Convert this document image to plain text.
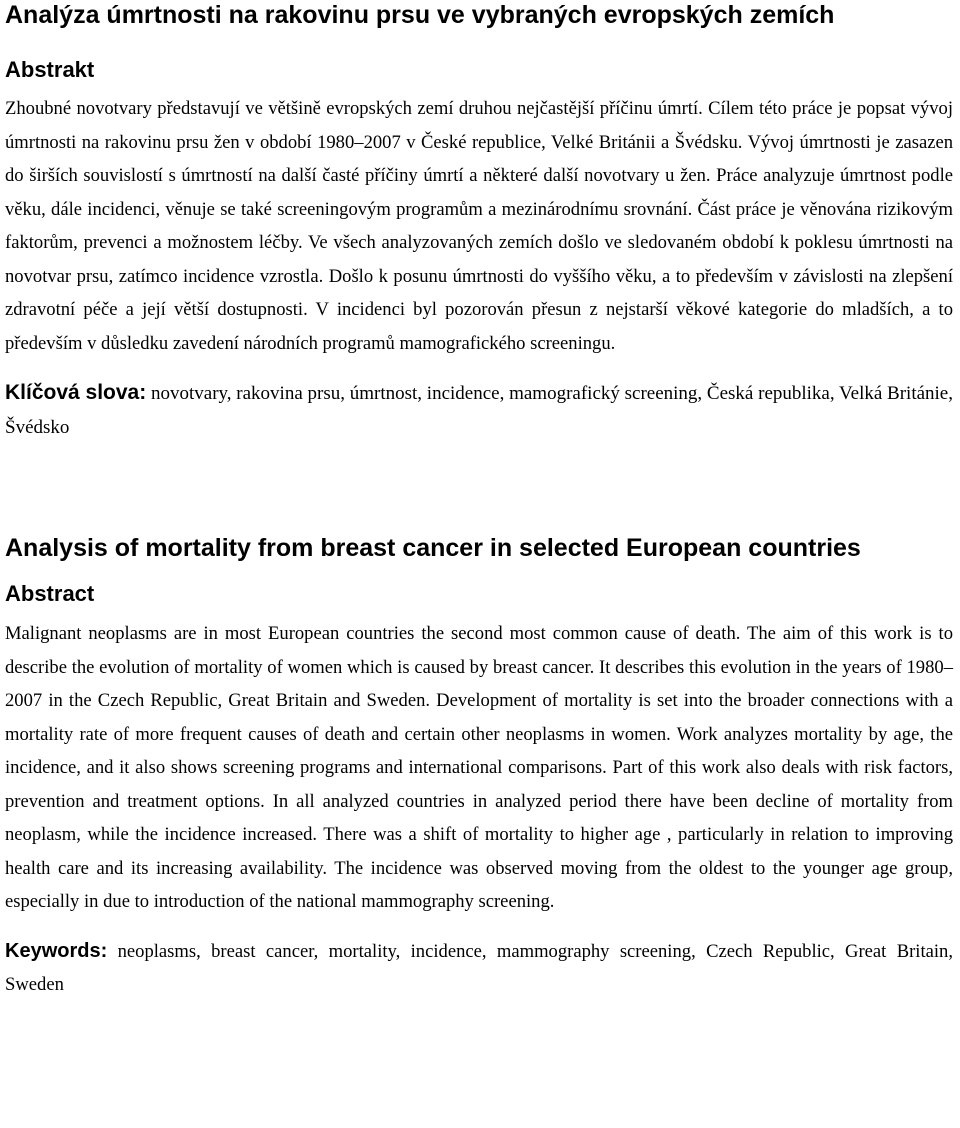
Analýza úmrtnosti na rakovinu prsu ve vybraných evropských zemích
Abstrakt

Zhoubné novotvary představují ve většině evropských zemí druhou nejčastější příčinu úmrtí. Cílem této práce je popsat vývoj úmrtnosti na rakovinu prsu žen v období 1980–2007 v České republice, Velké Británii a Švédsku. Vývoj úmrtnosti je zasazen do širších souvislostí s úmrtností na další časté příčiny úmrtí a některé další novotvary u žen. Práce analyzuje úmrtnost podle věku, dále incidenci, věnuje se také screeningovým programům a mezinárodnímu srovnání. Část práce je věnována rizikovým faktorům, prevenci a možnostem léčby. Ve všech analyzovaných zemích došlo ve sledovaném období k poklesu úmrtnosti na novotvar prsu, zatímco incidence vzrostla. Došlo k posunu úmrtnosti do vyššího věku, a to především v závislosti na zlepšení zdravotní péče a její větší dostupnosti. V incidenci byl pozorován přesun z nejstarší věkové kategorie do mladších, a to především v důsledku zavedení národních programů mamografického screeningu.

Klíčová slova: novotvary, rakovina prsu, úmrtnost, incidence, mamografický screening, Česká republika, Velká Británie, Švédsko

Analysis of mortality from breast cancer in selected European countries
Abstract

Malignant neoplasms are in most European countries the second most common cause of death. The aim of this work is to describe the evolution of mortality of women which is caused by breast cancer. It describes this evolution in the years of 1980–2007 in the Czech Republic, Great Britain and Sweden. Development of mortality is set into the broader connections with a mortality rate of more frequent causes of death and certain other neoplasms in women. Work analyzes mortality by age, the incidence, and it also shows screening programs and international comparisons. Part of this work also deals with risk factors, prevention and treatment options. In all analyzed countries in analyzed period there have been decline of mortality from neoplasm, while the incidence increased. There was a shift of mortality to higher age , particularly in relation to improving health care and its increasing availability. The incidence was observed moving from the oldest to the younger age group, especially in due to introduction of the national mammography screening.

Keywords: neoplasms, breast cancer, mortality, incidence, mammography screening, Czech Republic, Great Britain, Sweden
